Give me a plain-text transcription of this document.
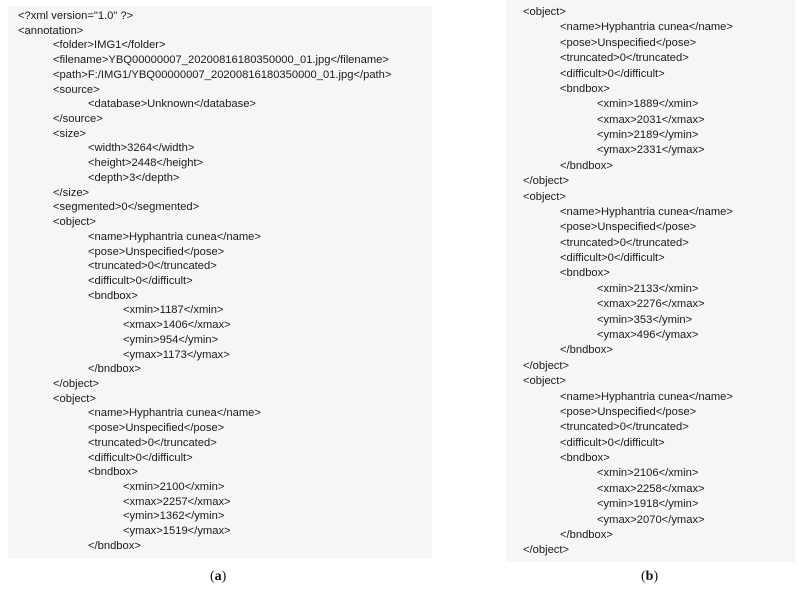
<?xml version="1.0" ?>
<annotation>
<folder>IMG1</folder>
<filename>YBQ00000007_20200816180350000_01.jpg</filename>
<path>F:/IMG1/YBQ00000007_20200816180350000_01.jpg</path>
<source>
<database>Unknown</database>
</source>
<size>
<width>3264</width>
<height>2448</height>
<depth>3</depth>
</size>
<segmented>0</segmented>
<object>
<name>Hyphantria cunea</name>
<pose>Unspecified</pose>
<truncated>0</truncated>
<difficult>0</difficult>
<bndbox>
<xmin>1187</xmin>
<xmax>1406</xmax>
<ymin>954</ymin>
<ymax>1173</ymax>
</bndbox>
</object>
<object>
<name>Hyphantria cunea</name>
<pose>Unspecified</pose>
<truncated>0</truncated>
<difficult>0</difficult>
<bndbox>
<xmin>2100</xmin>
<xmax>2257</xmax>
<ymin>1362</ymin>
<ymax>1519</ymax>
</bndbox>
<object>
<name>Hyphantria cunea</name>
<pose>Unspecified</pose>
<truncated>0</truncated>
<difficult>0</difficult>
<bndbox>
<xmin>1889</xmin>
<xmax>2031</xmax>
<ymin>2189</ymin>
<ymax>2331</ymax>
</bndbox>
</object>
<object>
<name>Hyphantria cunea</name>
<pose>Unspecified</pose>
<truncated>0</truncated>
<difficult>0</difficult>
<bndbox>
<xmin>2133</xmin>
<xmax>2276</xmax>
<ymin>353</ymin>
<ymax>496</ymax>
</bndbox>
</object>
<object>
<name>Hyphantria cunea</name>
<pose>Unspecified</pose>
<truncated>0</truncated>
<difficult>0</difficult>
<bndbox>
<xmin>2106</xmin>
<xmax>2258</xmax>
<ymin>1918</ymin>
<ymax>2070</ymax>
</bndbox>
</object>
(a)	(b)
